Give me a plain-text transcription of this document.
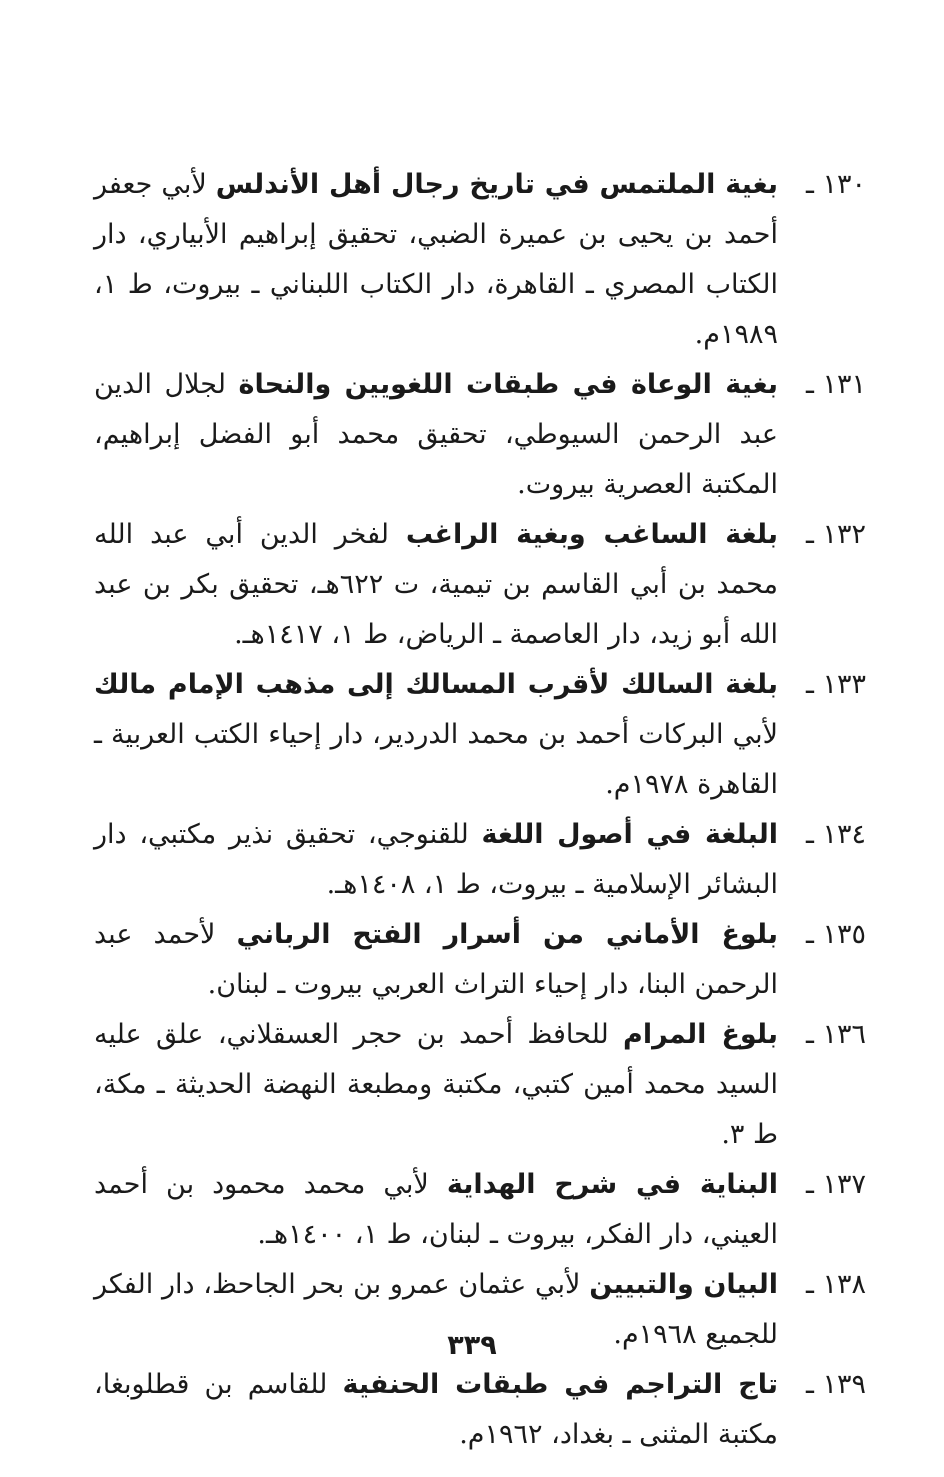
١٣٠ ـ
بغية الملتمس في تاريخ رجال أهل الأندلس لأبي جعفر أحمد بن يحيى بن عميرة الضبي، تحقيق إبراهيم الأبياري، دار الكتاب المصري ـ القاهرة، دار الكتاب اللبناني ـ بيروت، ط ١، ١٩٨٩م.
١٣١ ـ
بغية الوعاة في طبقات اللغويين والنحاة لجلال الدين عبد الرحمن السيوطي، تحقيق محمد أبو الفضل إبراهيم، المكتبة العصرية بيروت.
١٣٢ ـ
بلغة الساغب وبغية الراغب لفخر الدين أبي عبد الله محمد بن أبي القاسم بن تيمية، ت ٦٢٢هـ، تحقيق بكر بن عبد الله أبو زيد، دار العاصمة ـ الرياض، ط ١، ١٤١٧هـ.
١٣٣ ـ
بلغة السالك لأقرب المسالك إلى مذهب الإمام مالك لأبي البركات أحمد بن محمد الدردير، دار إحياء الكتب العربية ـ القاهرة ١٩٧٨م.
١٣٤ ـ
البلغة في أصول اللغة للقنوجي، تحقيق نذير مكتبي، دار البشائر الإسلامية ـ بيروت، ط ١، ١٤٠٨هـ.
١٣٥ ـ
بلوغ الأماني من أسرار الفتح الرباني لأحمد عبد الرحمن البنا، دار إحياء التراث العربي بيروت ـ لبنان.
١٣٦ ـ
بلوغ المرام للحافظ أحمد بن حجر العسقلاني، علق عليه السيد محمد أمين كتبي، مكتبة ومطبعة النهضة الحديثة ـ مكة، ط ٣.
١٣٧ ـ
البناية في شرح الهداية لأبي محمد محمود بن أحمد العيني، دار الفكر، بيروت ـ لبنان، ط ١، ١٤٠٠هـ.
١٣٨ ـ
البيان والتبيين لأبي عثمان عمرو بن بحر الجاحظ، دار الفكر للجميع ١٩٦٨م.
١٣٩ ـ
تاج التراجم في طبقات الحنفية للقاسم بن قطلوبغا، مكتبة المثنى ـ بغداد، ١٩٦٢م.
٣٣٩
